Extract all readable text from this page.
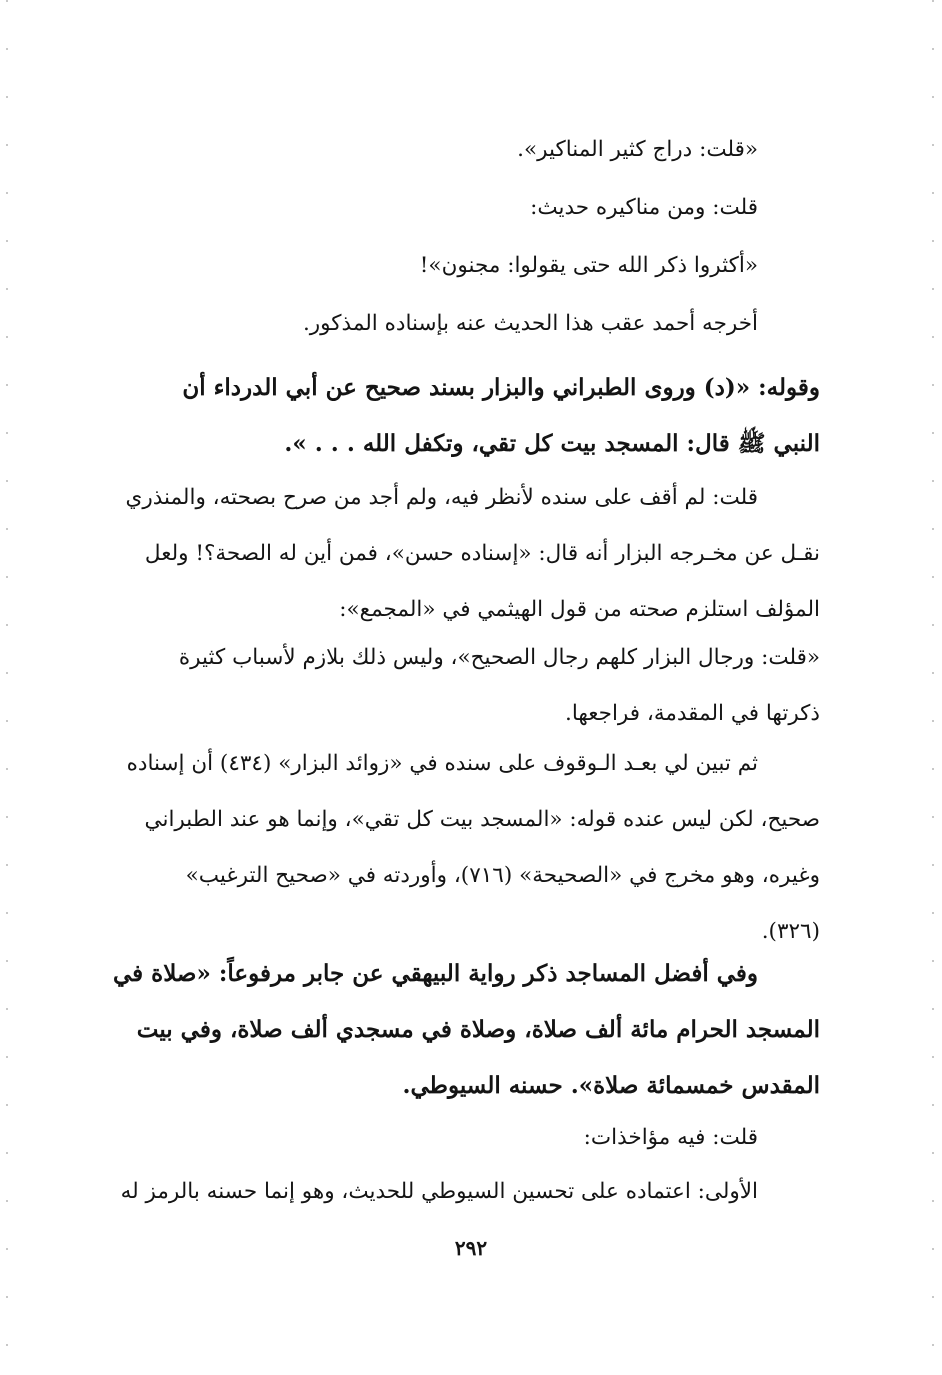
«قلت: دراج كثير المناكير».
قلت: ومن مناكيره حديث:
«أكثروا ذكر الله حتى يقولوا: مجنون»!
أخرجه أحمد عقب هذا الحديث عنه بإسناده المذكور.
وقوله: «(د) وروى الطبراني والبزار بسند صحيح عن أبي الدرداء أن
النبي ﷺ قال: المسجد بيت كل تقي، وتكفل الله . . . ».
قلت: لم أقف على سنده لأنظر فيه، ولم أجد من صرح بصحته، والمنذري
نقـل عن مخـرجه البزار أنه قال: «إسناده حسن»، فمن أين له الصحة؟! ولعل
المؤلف استلزم صحته من قول الهيثمي في «المجمع»:
«قلت: ورجال البزار كلهم رجال الصحيح»، وليس ذلك بلازم لأسباب كثيرة
ذكرتها في المقدمة، فراجعها.
ثم تبين لي بعـد الـوقوف على سنده في «زوائد البزار» (٤٣٤) أن إسناده
صحيح، لكن ليس عنده قوله: «المسجد بيت كل تقي»، وإنما هو عند الطبراني
وغيره، وهو مخرج في «الصحيحة» (٧١٦)، وأوردته في «صحيح الترغيب»
(٣٢٦).
وفي أفضل المساجد ذكر رواية البيهقي عن جابر مرفوعاً: «صلاة في
المسجد الحرام مائة ألف صلاة، وصلاة في مسجدي ألف صلاة، وفي بيت
المقدس خمسمائة صلاة». حسنه السيوطي.
قلت: فيه مؤاخذات:
الأولى: اعتماده على تحسين السيوطي للحديث، وهو إنما حسنه بالرمز له
٢٩٢
